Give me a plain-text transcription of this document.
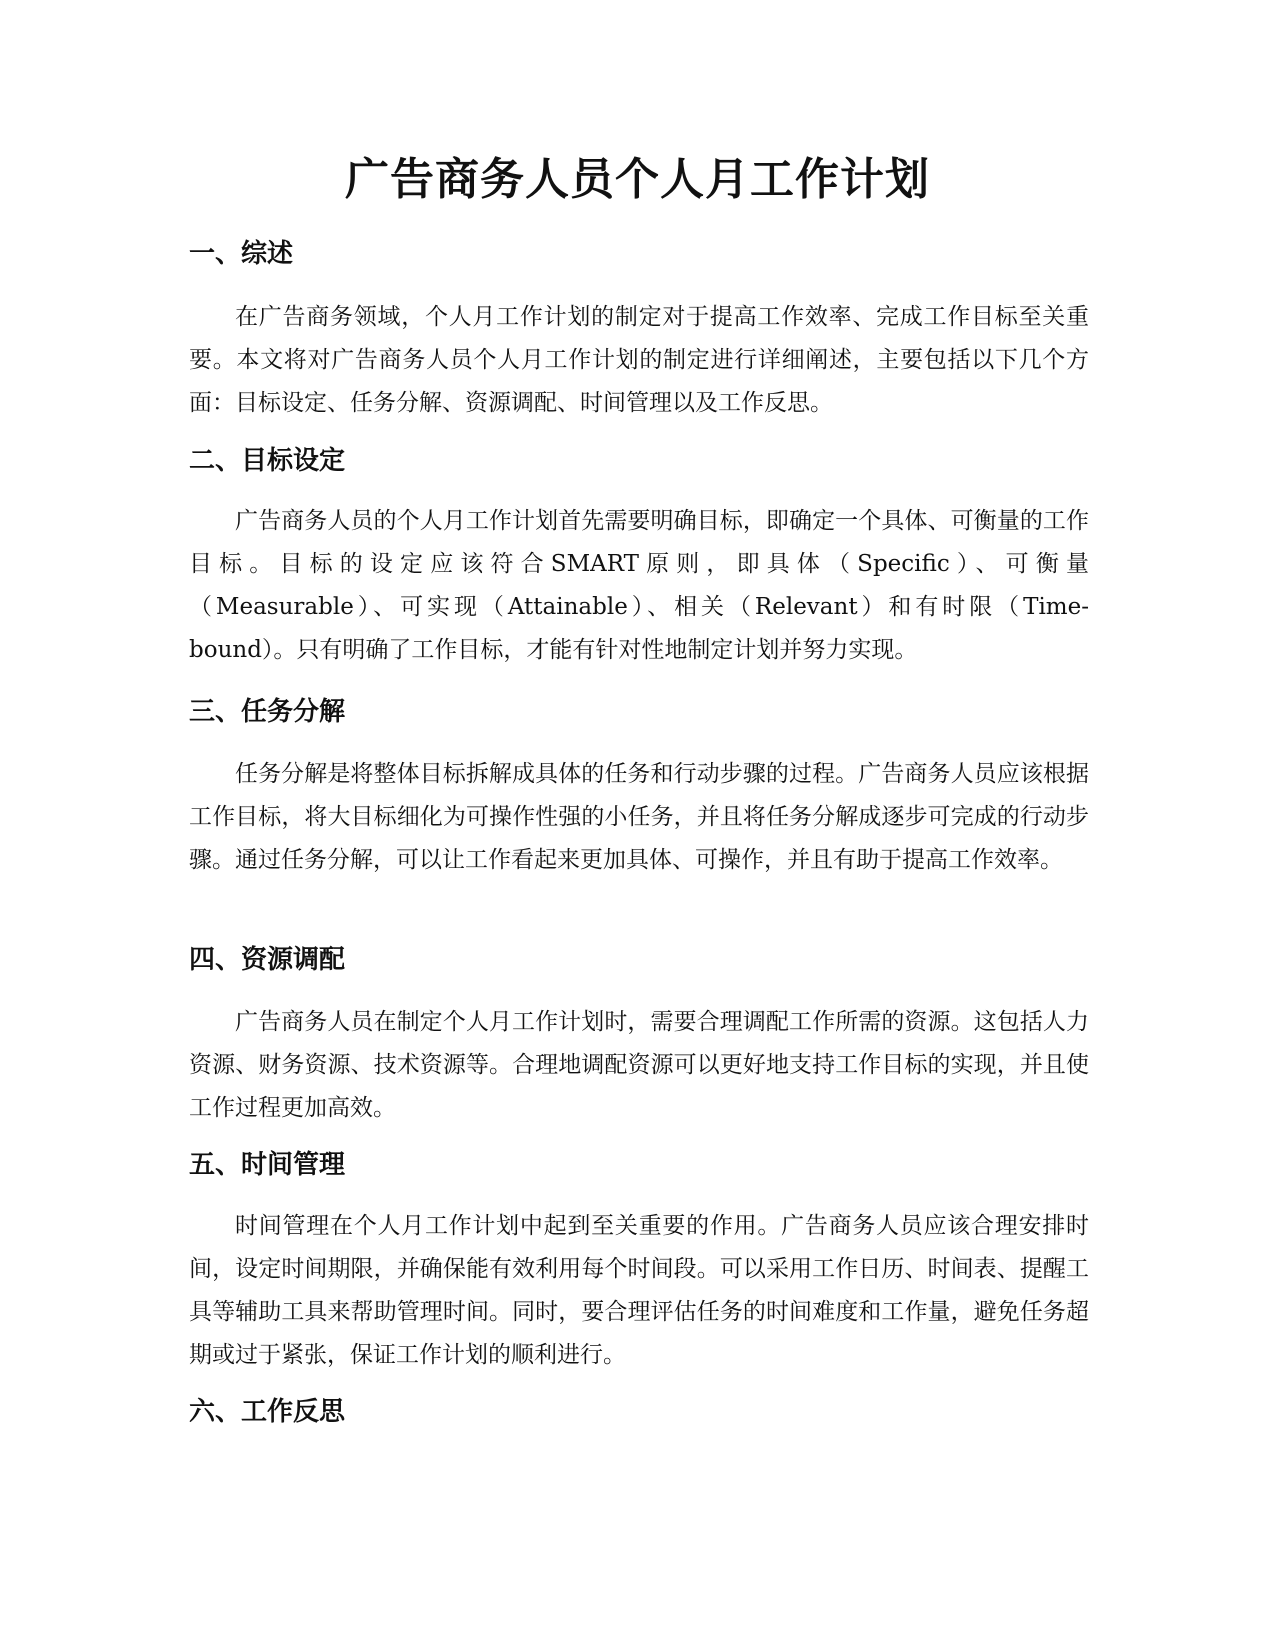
广告商务人员个人月工作计划
一、综述

在广告商务领域，个人月工作计划的制定对于提高工作效率、完成工作目标至关重要。本文将对广告商务人员个人月工作计划的制定进行详细阐述，主要包括以下几个方面：目标设定、任务分解、资源调配、时间管理以及工作反思。

二、目标设定

广告商务人员的个人月工作计划首先需要明确目标，即确定一个具体、可衡量的工作目标。目标的设定应该符合SMART原则，即具体（Specific）、可衡量（Measurable）、可实现（Attainable）、相关（Relevant）和有时限（Time-bound）。只有明确了工作目标，才能有针对性地制定计划并努力实现。

三、任务分解

任务分解是将整体目标拆解成具体的任务和行动步骤的过程。广告商务人员应该根据工作目标，将大目标细化为可操作性强的小任务，并且将任务分解成逐步可完成的行动步骤。通过任务分解，可以让工作看起来更加具体、可操作，并且有助于提高工作效率。

四、资源调配

广告商务人员在制定个人月工作计划时，需要合理调配工作所需的资源。这包括人力资源、财务资源、技术资源等。合理地调配资源可以更好地支持工作目标的实现，并且使工作过程更加高效。

五、时间管理

时间管理在个人月工作计划中起到至关重要的作用。广告商务人员应该合理安排时间，设定时间期限，并确保能有效利用每个时间段。可以采用工作日历、时间表、提醒工具等辅助工具来帮助管理时间。同时，要合理评估任务的时间难度和工作量，避免任务超期或过于紧张，保证工作计划的顺利进行。

六、工作反思
